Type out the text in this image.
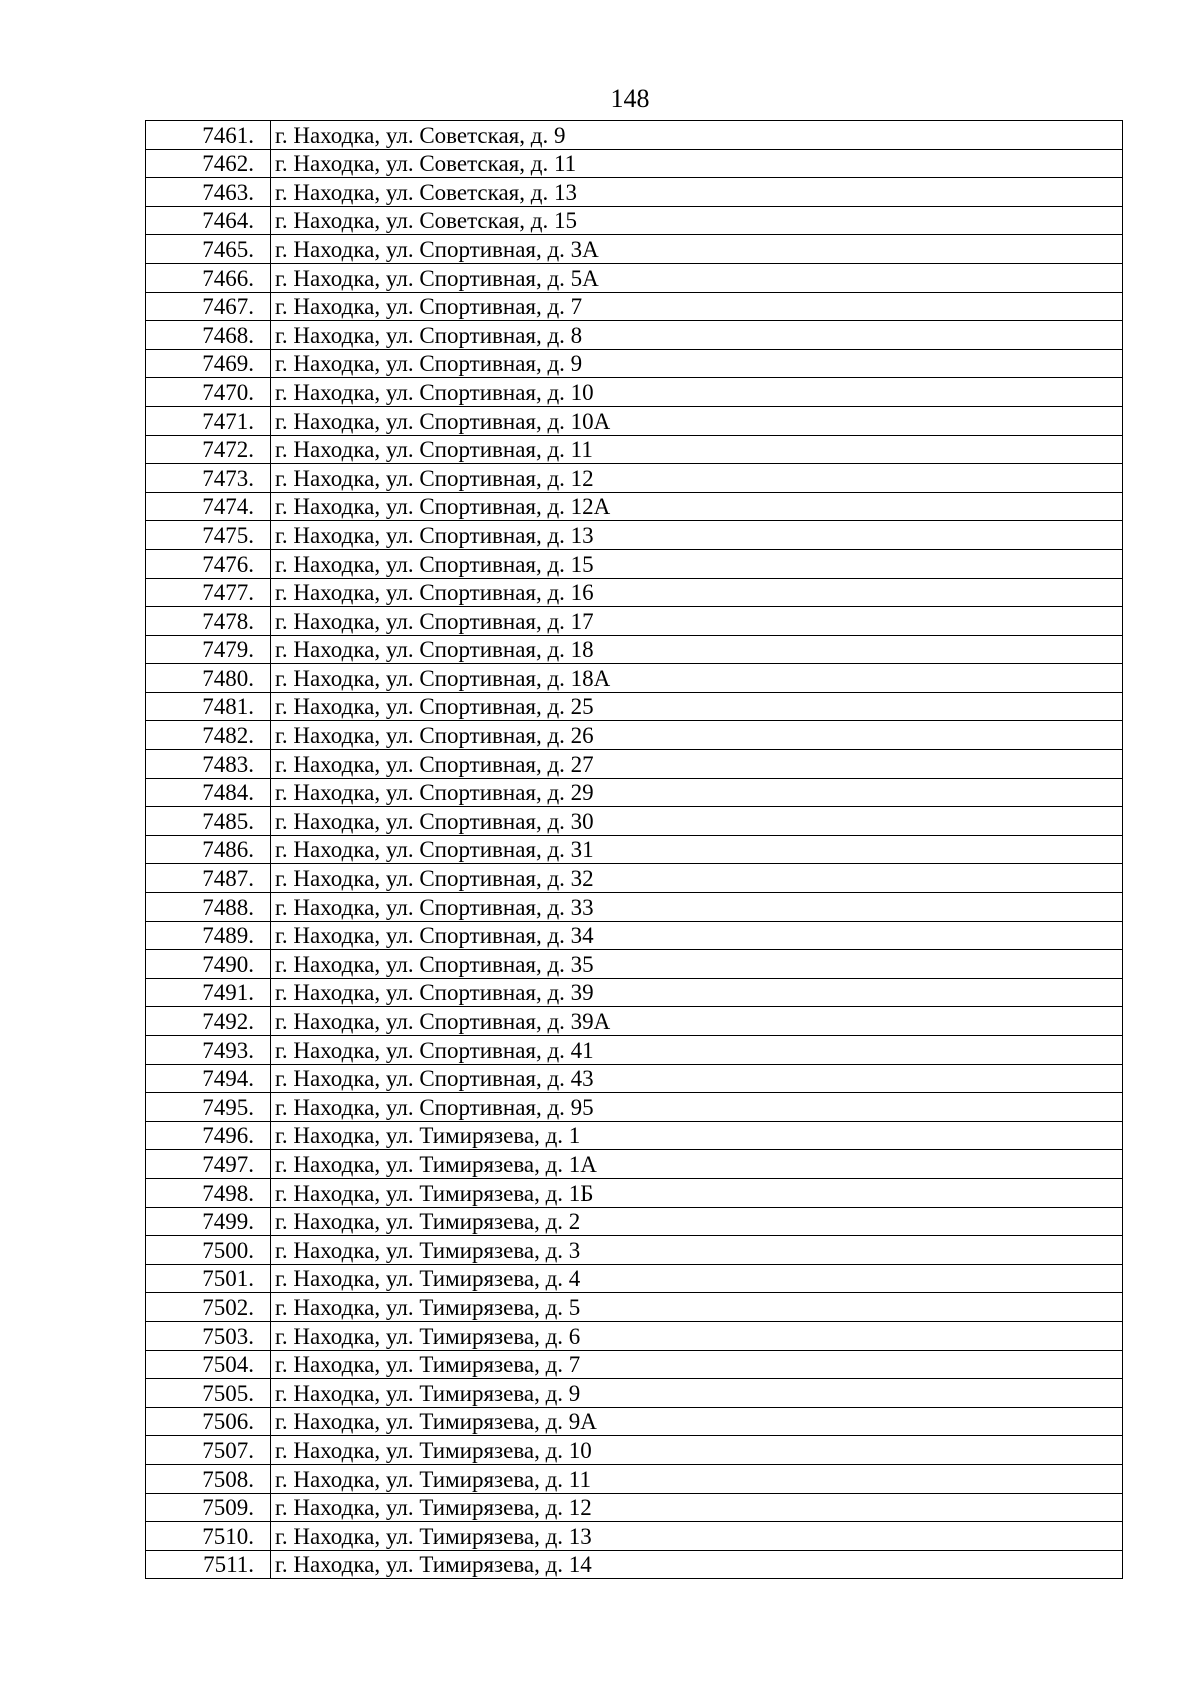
148
7461.	г. Находка, ул. Советская, д. 9
7462.	г. Находка, ул. Советская, д. 11
7463.	г. Находка, ул. Советская, д. 13
7464.	г. Находка, ул. Советская, д. 15
7465.	г. Находка, ул. Спортивная, д. 3А
7466.	г. Находка, ул. Спортивная, д. 5А
7467.	г. Находка, ул. Спортивная, д. 7
7468.	г. Находка, ул. Спортивная, д. 8
7469.	г. Находка, ул. Спортивная, д. 9
7470.	г. Находка, ул. Спортивная, д. 10
7471.	г. Находка, ул. Спортивная, д. 10А
7472.	г. Находка, ул. Спортивная, д. 11
7473.	г. Находка, ул. Спортивная, д. 12
7474.	г. Находка, ул. Спортивная, д. 12А
7475.	г. Находка, ул. Спортивная, д. 13
7476.	г. Находка, ул. Спортивная, д. 15
7477.	г. Находка, ул. Спортивная, д. 16
7478.	г. Находка, ул. Спортивная, д. 17
7479.	г. Находка, ул. Спортивная, д. 18
7480.	г. Находка, ул. Спортивная, д. 18А
7481.	г. Находка, ул. Спортивная, д. 25
7482.	г. Находка, ул. Спортивная, д. 26
7483.	г. Находка, ул. Спортивная, д. 27
7484.	г. Находка, ул. Спортивная, д. 29
7485.	г. Находка, ул. Спортивная, д. 30
7486.	г. Находка, ул. Спортивная, д. 31
7487.	г. Находка, ул. Спортивная, д. 32
7488.	г. Находка, ул. Спортивная, д. 33
7489.	г. Находка, ул. Спортивная, д. 34
7490.	г. Находка, ул. Спортивная, д. 35
7491.	г. Находка, ул. Спортивная, д. 39
7492.	г. Находка, ул. Спортивная, д. 39А
7493.	г. Находка, ул. Спортивная, д. 41
7494.	г. Находка, ул. Спортивная, д. 43
7495.	г. Находка, ул. Спортивная, д. 95
7496.	г. Находка, ул. Тимирязева, д. 1
7497.	г. Находка, ул. Тимирязева, д. 1А
7498.	г. Находка, ул. Тимирязева, д. 1Б
7499.	г. Находка, ул. Тимирязева, д. 2
7500.	г. Находка, ул. Тимирязева, д. 3
7501.	г. Находка, ул. Тимирязева, д. 4
7502.	г. Находка, ул. Тимирязева, д. 5
7503.	г. Находка, ул. Тимирязева, д. 6
7504.	г. Находка, ул. Тимирязева, д. 7
7505.	г. Находка, ул. Тимирязева, д. 9
7506.	г. Находка, ул. Тимирязева, д. 9А
7507.	г. Находка, ул. Тимирязева, д. 10
7508.	г. Находка, ул. Тимирязева, д. 11
7509.	г. Находка, ул. Тимирязева, д. 12
7510.	г. Находка, ул. Тимирязева, д. 13
7511.	г. Находка, ул. Тимирязева, д. 14
